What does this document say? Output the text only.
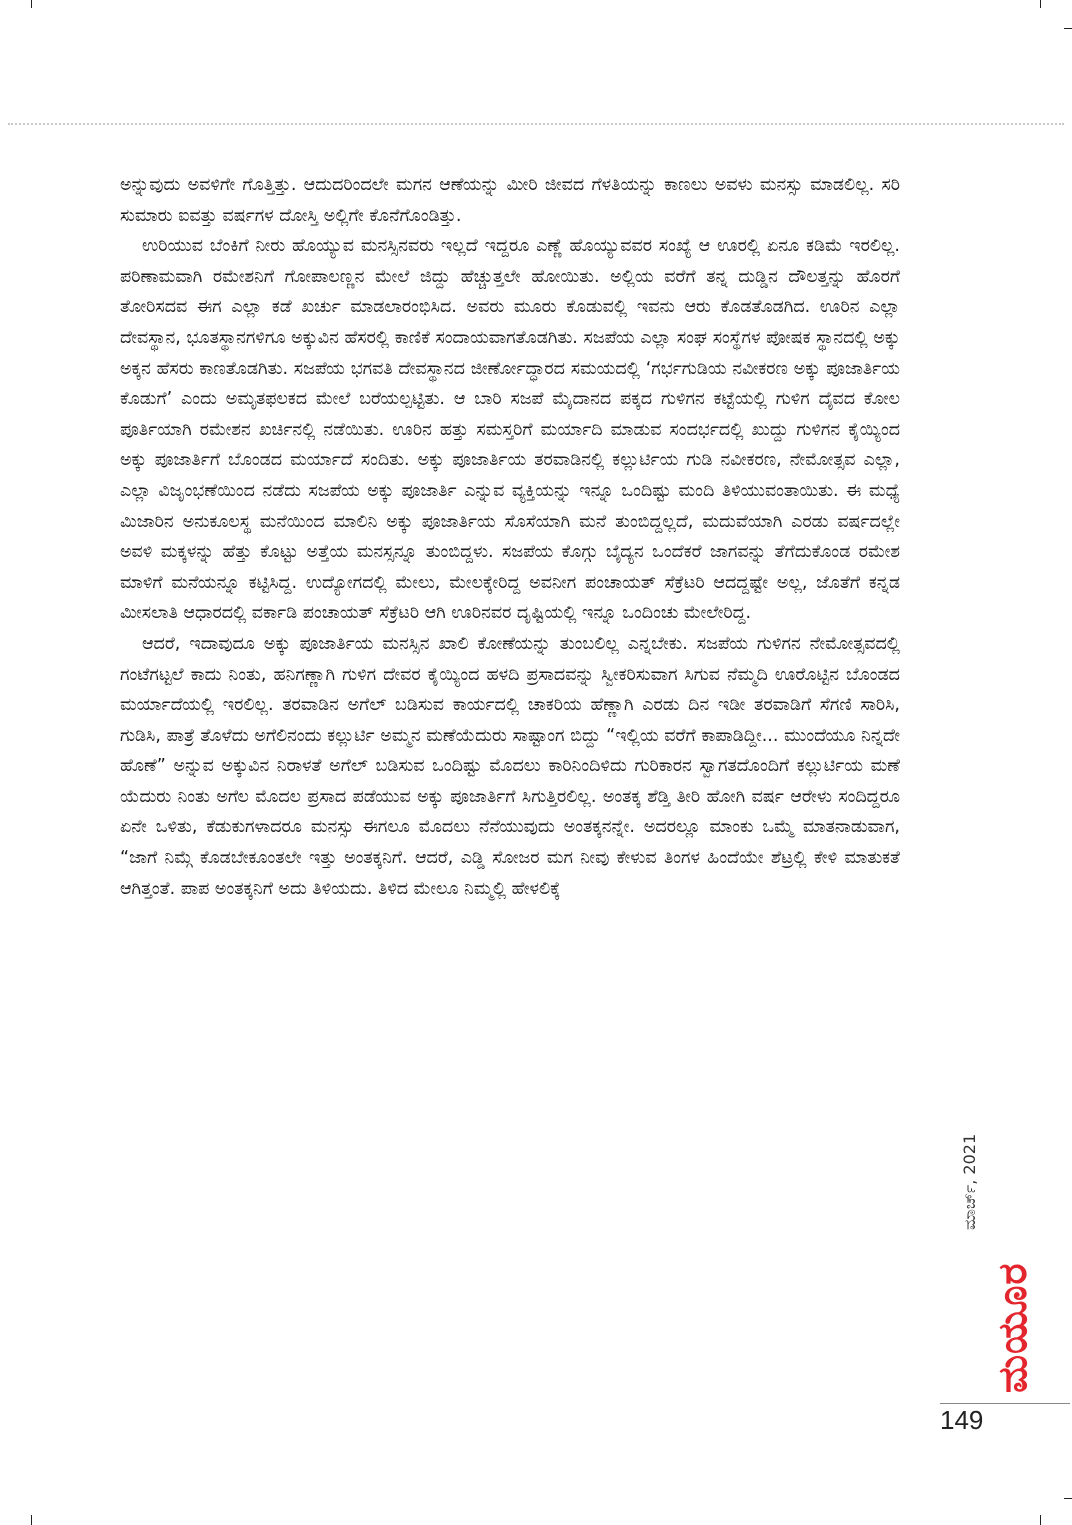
ಅನ್ನುವುದು ಅವಳಿಗೇ ಗೊತ್ತಿತ್ತು. ಆದುದರಿಂದಲೇ ಮಗನ ಆಣೆಯನ್ನು ಮೀರಿ ಜೀವದ ಗೆಳತಿಯನ್ನು ಕಾಣಲು ಅವಳು ಮನಸ್ಸು ಮಾಡಲಿಲ್ಲ. ಸರಿ ಸುಮಾರು ಐವತ್ತು ವರ್ಷಗಳ ದೋಸ್ತಿ ಅಲ್ಲಿಗೇ ಕೊನೆಗೊಂಡಿತ್ತು.

ಉರಿಯುವ ಬೆಂಕಿಗೆ ನೀರು ಹೊಯ್ಯುವ ಮನಸ್ಸಿನವರು ಇಲ್ಲದೆ ಇದ್ದರೂ ಎಣ್ಣೆ ಹೊಯ್ಯುವವರ ಸಂಖ್ಯೆ ಆ ಊರಲ್ಲಿ ಏನೂ ಕಡಿಮೆ ಇರಲಿಲ್ಲ. ಪರಿಣಾಮವಾಗಿ ರಮೇಶನಿಗೆ ಗೋಪಾಲಣ್ಣನ ಮೇಲೆ ಜಿದ್ದು ಹೆಚ್ಚುತ್ತಲೇ ಹೋಯಿತು. ಅಲ್ಲಿಯ ವರೆಗೆ ತನ್ನ ದುಡ್ಡಿನ ದೌಲತ್ತನ್ನು ಹೊರಗೆ ತೋರಿಸದವ ಈಗ ಎಲ್ಲಾ ಕಡೆ ಖರ್ಚು ಮಾಡಲಾರಂಭಿಸಿದ. ಅವರು ಮೂರು ಕೊಡುವಲ್ಲಿ ಇವನು ಆರು ಕೊಡತೊಡಗಿದ. ಊರಿನ ಎಲ್ಲಾ ದೇವಸ್ಥಾನ, ಭೂತಸ್ಥಾನಗಳಿಗೂ ಅಕ್ಕುವಿನ ಹೆಸರಲ್ಲಿ ಕಾಣಿಕೆ ಸಂದಾಯವಾಗತೊಡಗಿತು. ಸಜಪೆಯ ಎಲ್ಲಾ ಸಂಘ ಸಂಸ್ಥೆಗಳ ಪೋಷಕ ಸ್ಥಾನದಲ್ಲಿ ಅಕ್ಕು ಅಕ್ಕನ ಹೆಸರು ಕಾಣತೊಡಗಿತು. ಸಜಪೆಯ ಭಗವತಿ ದೇವಸ್ಥಾನದ ಜೀರ್ಣೋದ್ಧಾರದ ಸಮಯದಲ್ಲಿ ‘ಗರ್ಭಗುಡಿಯ ನವೀಕರಣ ಅಕ್ಕು ಪೂಜಾರ್ತಿಯ ಕೊಡುಗೆ’ ಎಂದು ಅಮೃತಫಲಕದ ಮೇಲೆ ಬರೆಯಲ್ಪಟ್ಟಿತು. ಆ ಬಾರಿ ಸಜಪೆ ಮೈದಾನದ ಪಕ್ಕದ ಗುಳಿಗನ ಕಟ್ಟೆಯಲ್ಲಿ ಗುಳಿಗ ದೈವದ ಕೋಲ ಪೂರ್ತಿಯಾಗಿ ರಮೇಶನ ಖರ್ಚಿನಲ್ಲಿ ನಡೆಯಿತು. ಊರಿನ ಹತ್ತು ಸಮಸ್ತರಿಗೆ ಮರ್ಯಾದಿ ಮಾಡುವ ಸಂದರ್ಭದಲ್ಲಿ ಖುದ್ದು ಗುಳಿಗನ ಕೈಯ್ಯಿಂದ ಅಕ್ಕು ಪೂಜಾರ್ತಿಗೆ ಬೊಂಡದ ಮರ್ಯಾದೆ ಸಂದಿತು. ಅಕ್ಕು ಪೂಜಾರ್ತಿಯ ತರವಾಡಿನಲ್ಲಿ ಕಲ್ಲುರ್ಟಿಯ ಗುಡಿ ನವೀಕರಣ, ನೇಮೋತ್ಸವ ಎಲ್ಲಾ, ಎಲ್ಲಾ ವಿಜೃಂಭಣೆಯಿಂದ ನಡೆದು ಸಜಪೆಯ ಅಕ್ಕು ಪೂಜಾರ್ತಿ ಎನ್ನುವ ವ್ಯಕ್ತಿಯನ್ನು ಇನ್ನೂ ಒಂದಿಷ್ಟು ಮಂದಿ ತಿಳಿಯುವಂತಾಯಿತು. ಈ ಮಧ್ಯೆ ಮಿಜಾರಿನ ಅನುಕೂಲಸ್ಥ ಮನೆಯಿಂದ ಮಾಲಿನಿ ಅಕ್ಕು ಪೂಜಾರ್ತಿಯ ಸೊಸೆಯಾಗಿ ಮನೆ ತುಂಬಿದ್ದಲ್ಲದೆ, ಮದುವೆಯಾಗಿ ಎರಡು ವರ್ಷದಲ್ಲೇ ಅವಳಿ ಮಕ್ಕಳನ್ನು ಹೆತ್ತು ಕೊಟ್ಟು ಅತ್ತೆಯ ಮನಸ್ಸನ್ನೂ ತುಂಬಿದ್ದಳು. ಸಜಪೆಯ ಕೊಗ್ಗು ಬೈದ್ಯನ ಒಂದೆಕರೆ ಜಾಗವನ್ನು ತೆಗೆದುಕೊಂಡ ರಮೇಶ ಮಾಳಿಗೆ ಮನೆಯನ್ನೂ ಕಟ್ಟಿಸಿದ್ದ. ಉದ್ಯೋಗದಲ್ಲಿ ಮೇಲು, ಮೇಲಕ್ಕೇರಿದ್ದ ಅವನೀಗ ಪಂಚಾಯತ್ ಸೆಕ್ರೆಟರಿ ಆದದ್ದಷ್ಟೇ ಅಲ್ಲ, ಜೊತೆಗೆ ಕನ್ನಡ ಮೀಸಲಾತಿ ಆಧಾರದಲ್ಲಿ ವರ್ಕಾಡಿ ಪಂಚಾಯತ್ ಸೆಕ್ರೆಟರಿ ಆಗಿ ಊರಿನವರ ದೃಷ್ಟಿಯಲ್ಲಿ ಇನ್ನೂ ಒಂದಿಂಚು ಮೇಲೇರಿದ್ದ.

ಆದರೆ, ಇದಾವುದೂ ಅಕ್ಕು ಪೂಜಾರ್ತಿಯ ಮನಸ್ಸಿನ ಖಾಲಿ ಕೋಣೆಯನ್ನು ತುಂಬಲಿಲ್ಲ ಎನ್ನಬೇಕು. ಸಜಪೆಯ ಗುಳಿಗನ ನೇಮೋತ್ಸವದಲ್ಲಿ ಗಂಟೆಗಟ್ಟಲೆ ಕಾದು ನಿಂತು, ಹನಿಗಣ್ಣಾಗಿ ಗುಳಿಗ ದೇವರ ಕೈಯ್ಯಿಂದ ಹಳದಿ ಪ್ರಸಾದವನ್ನು ಸ್ವೀಕರಿಸುವಾಗ ಸಿಗುವ ನೆಮ್ಮದಿ ಊರೊಟ್ಟಿನ ಬೊಂಡದ ಮರ್ಯಾದೆಯಲ್ಲಿ ಇರಲಿಲ್ಲ. ತರವಾಡಿನ ಅಗೆಲ್ ಬಡಿಸುವ ಕಾರ್ಯದಲ್ಲಿ ಚಾಕರಿಯ ಹೆಣ್ಣಾಗಿ ಎರಡು ದಿನ ಇಡೀ ತರವಾಡಿಗೆ ಸೆಗಣಿ ಸಾರಿಸಿ, ಗುಡಿಸಿ, ಪಾತ್ರೆ ತೊಳೆದು ಅಗೆಲಿನಂದು ಕಲ್ಲುರ್ಟಿ ಅಮ್ಮನ ಮಣೆಯೆದುರು ಸಾಷ್ಟಾಂಗ ಬಿದ್ದು “ಇಲ್ಲಿಯ ವರೆಗೆ ಕಾಪಾಡಿದ್ದೀ... ಮುಂದೆಯೂ ನಿನ್ನದೇ ಹೊಣೆ” ಅನ್ನುವ ಅಕ್ಕುವಿನ ನಿರಾಳತೆ ಅಗೆಲ್ ಬಡಿಸುವ ಒಂದಿಷ್ಟು ಮೊದಲು ಕಾರಿನಿಂದಿಳಿದು ಗುರಿಕಾರನ ಸ್ವಾಗತದೊಂದಿಗೆ ಕಲ್ಲುರ್ಟಿಯ ಮಣೆ ಯೆದುರು ನಿಂತು ಅಗೆಲ ಮೊದಲ ಪ್ರಸಾದ ಪಡೆಯುವ ಅಕ್ಕು ಪೂಜಾರ್ತಿಗೆ ಸಿಗುತ್ತಿರಲಿಲ್ಲ. ಅಂತಕ್ಕ ಶೆಡ್ತಿ ತೀರಿ ಹೋಗಿ ವರ್ಷ ಆರೇಳು ಸಂದಿದ್ದರೂ ಏನೇ ಒಳಿತು, ಕೆಡುಕುಗಳಾದರೂ ಮನಸ್ಸು ಈಗಲೂ ಮೊದಲು ನೆನೆಯುವುದು ಅಂತಕ್ಕನನ್ನೇ. ಅದರಲ್ಲೂ ಮಾಂಕು ಒಮ್ಮೆ ಮಾತನಾಡುವಾಗ, “ಜಾಗೆ ನಿಮ್ಗೆ ಕೊಡಬೇಕೂಂತಲೇ ಇತ್ತು ಅಂತಕ್ಕನಿಗೆ. ಆದರೆ, ಎಡ್ಡಿ ಸೋಜರ ಮಗ ನೀವು ಕೇಳುವ ತಿಂಗಳ ಹಿಂದೆಯೇ ಶೆಟ್ರಲ್ಲಿ ಕೇಳಿ ಮಾತುಕತೆ ಆಗಿತ್ತಂತೆ. ಪಾಪ ಅಂತಕ್ಕನಿಗೆ ಅದು ತಿಳಿಯದು. ತಿಳಿದ ಮೇಲೂ ನಿಮ್ಮಲ್ಲಿ ಹೇಳಲಿಕ್ಕೆ

ಮಾರ್ಚ್, 2021
ಮಯೂರ
149
